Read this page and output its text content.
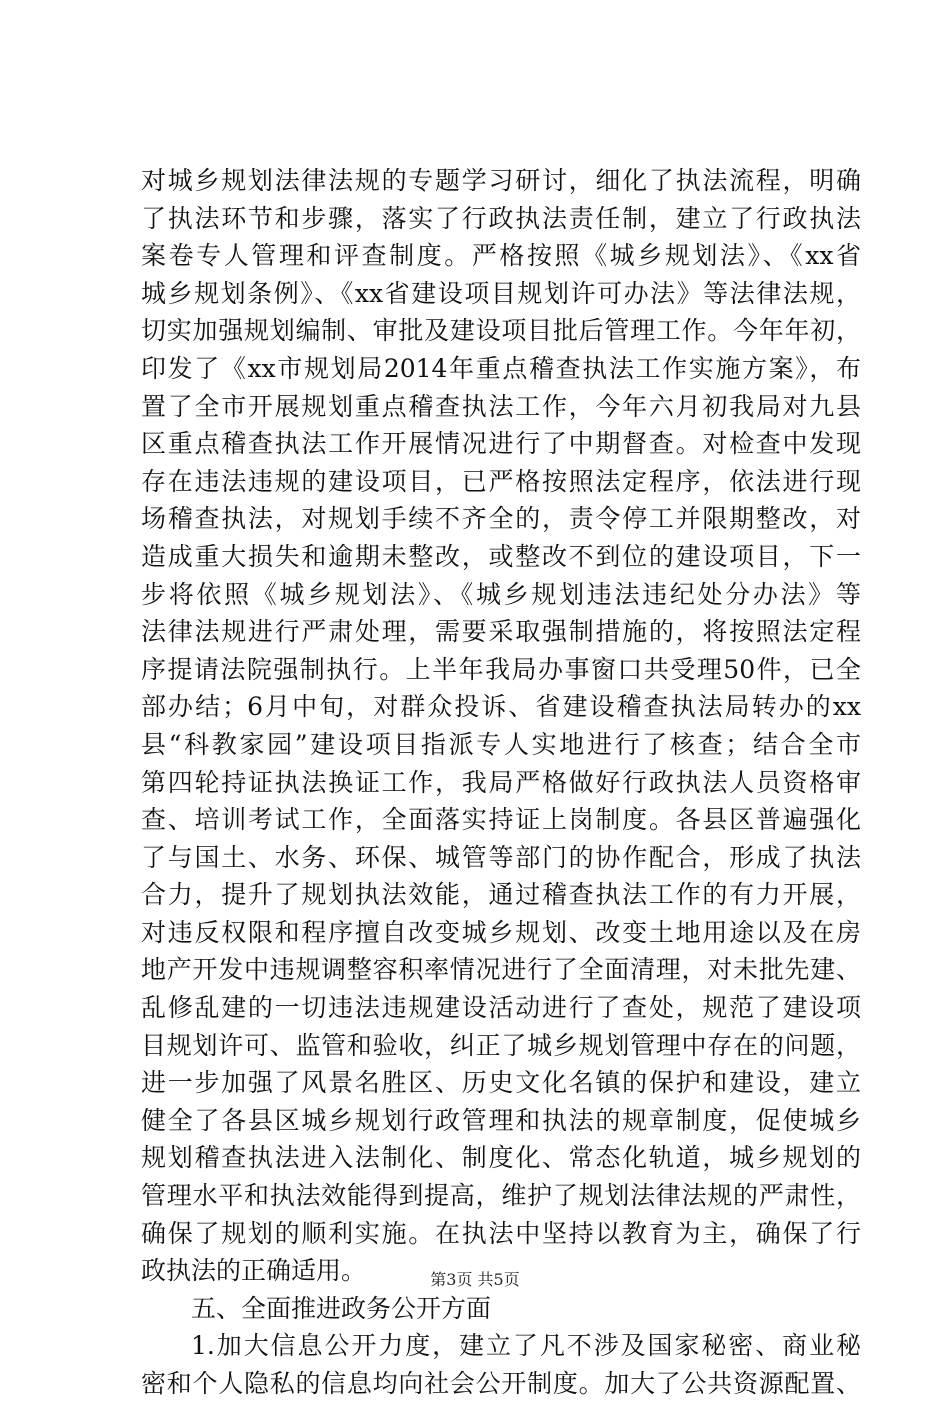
对城乡规划法律法规的专题学习研讨，细化了执法流程，明确
了执法环节和步骤，落实了行政执法责任制，建立了行政执法
案卷专人管理和评查制度。严格按照《城乡规划法》、《xx省
城乡规划条例》、《xx省建设项目规划许可办法》等法律法规，
切实加强规划编制、审批及建设项目批后管理工作。今年年初，
印发了《xx市规划局2014年重点稽查执法工作实施方案》，布
置了全市开展规划重点稽查执法工作，今年六月初我局对九县
区重点稽查执法工作开展情况进行了中期督查。对检查中发现
存在违法违规的建设项目，已严格按照法定程序，依法进行现
场稽查执法，对规划手续不齐全的，责令停工并限期整改，对
造成重大损失和逾期未整改，或整改不到位的建设项目，下一
步将依照《城乡规划法》、《城乡规划违法违纪处分办法》等
法律法规进行严肃处理，需要采取强制措施的，将按照法定程
序提请法院强制执行。上半年我局办事窗口共受理50件，已全
部办结；6月中旬，对群众投诉、省建设稽查执法局转办的xx
县“科教家园”建设项目指派专人实地进行了核查；结合全市
第四轮持证执法换证工作，我局严格做好行政执法人员资格审
查、培训考试工作，全面落实持证上岗制度。各县区普遍强化
了与国土、水务、环保、城管等部门的协作配合，形成了执法
合力，提升了规划执法效能，通过稽查执法工作的有力开展，
对违反权限和程序擅自改变城乡规划、改变土地用途以及在房
地产开发中违规调整容积率情况进行了全面清理，对未批先建、
乱修乱建的一切违法违规建设活动进行了查处，规范了建设项
目规划许可、监管和验收，纠正了城乡规划管理中存在的问题，
进一步加强了风景名胜区、历史文化名镇的保护和建设，建立
健全了各县区城乡规划行政管理和执法的规章制度，促使城乡
规划稽查执法进入法制化、制度化、常态化轨道，城乡规划的
管理水平和执法效能得到提高，维护了规划法律法规的严肃性，
确保了规划的顺利实施。在执法中坚持以教育为主，确保了行
政执法的正确适用。
五、全面推进政务公开方面
1.加大信息公开力度，建立了凡不涉及国家秘密、商业秘
密和个人隐私的信息均向社会公开制度。加大了公共资源配置、
第3页 共5页
